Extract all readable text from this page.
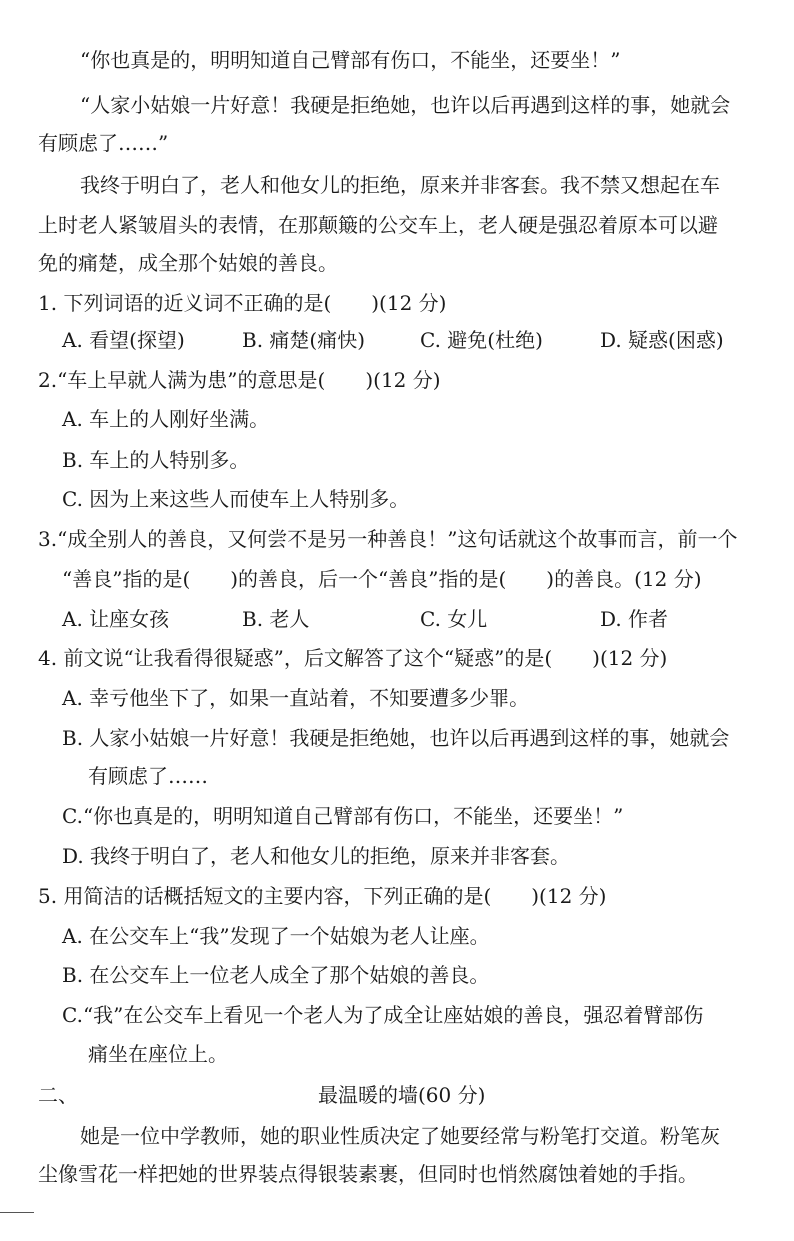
“你也真是的，明明知道自己臂部有伤口，不能坐，还要坐！”
“人家小姑娘一片好意！我硬是拒绝她，也许以后再遇到这样的事，她就会
有顾虑了……”
我终于明白了，老人和他女儿的拒绝，原来并非客套。我不禁又想起在车
上时老人紧皱眉头的表情，在那颠簸的公交车上，老人硬是强忍着原本可以避
免的痛楚，成全那个姑娘的善良。
1. 下列词语的近义词不正确的是(　　)(12 分)
A. 看望(探望)	B. 痛楚(痛快)	C. 避免(杜绝)	D. 疑惑(困惑)
2.“车上早就人满为患”的意思是(　　)(12 分)
A. 车上的人刚好坐满。
B. 车上的人特别多。
C. 因为上来这些人而使车上人特别多。
3.“成全别人的善良，又何尝不是另一种善良！”这句话就这个故事而言，前一个
“善良”指的是(　　)的善良，后一个“善良”指的是(　　)的善良。(12 分)
A. 让座女孩	B. 老人	C. 女儿	D. 作者
4. 前文说“让我看得很疑惑”，后文解答了这个“疑惑”的是(　　)(12 分)
A. 幸亏他坐下了，如果一直站着，不知要遭多少罪。
B. 人家小姑娘一片好意！我硬是拒绝她，也许以后再遇到这样的事，她就会
有顾虑了……
C.“你也真是的，明明知道自己臂部有伤口，不能坐，还要坐！”
D. 我终于明白了，老人和他女儿的拒绝，原来并非客套。
5. 用简洁的话概括短文的主要内容，下列正确的是(　　)(12 分)
A. 在公交车上“我”发现了一个姑娘为老人让座。
B. 在公交车上一位老人成全了那个姑娘的善良。
C.“我”在公交车上看见一个老人为了成全让座姑娘的善良，强忍着臂部伤
痛坐在座位上。
二、	最温暖的墙(60 分)
她是一位中学教师，她的职业性质决定了她要经常与粉笔打交道。粉笔灰
尘像雪花一样把她的世界装点得银装素裹，但同时也悄然腐蚀着她的手指。
